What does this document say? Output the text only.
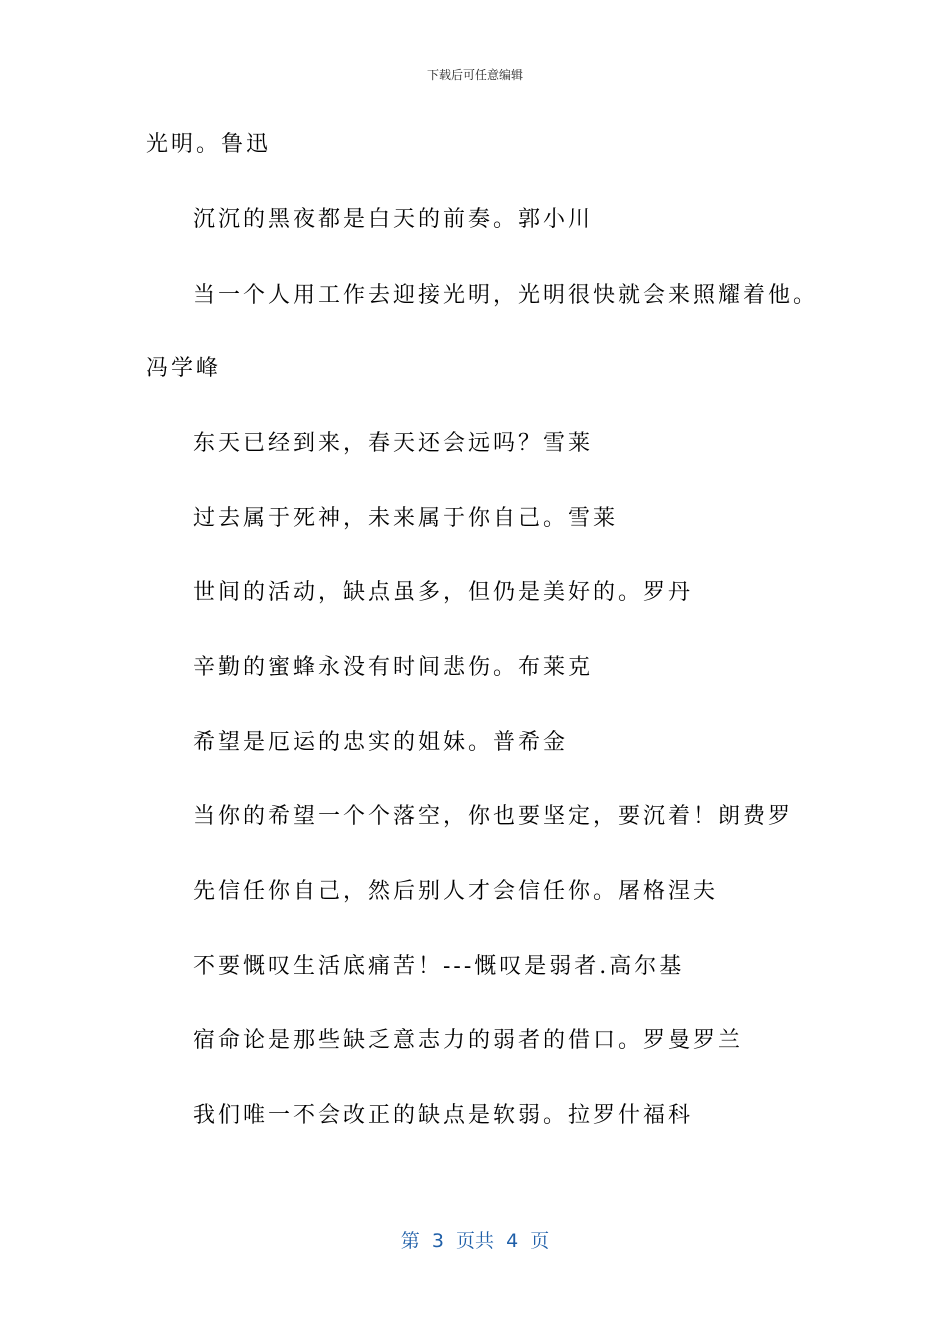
下载后可任意编辑
光明。鲁迅
沉沉的黑夜都是白天的前奏。郭小川
当一个人用工作去迎接光明，光明很快就会来照耀着他。
冯学峰
东天已经到来，春天还会远吗？雪莱
过去属于死神，未来属于你自己。雪莱
世间的活动，缺点虽多，但仍是美好的。罗丹
辛勤的蜜蜂永没有时间悲伤。布莱克
希望是厄运的忠实的姐妹。普希金
当你的希望一个个落空，你也要坚定，要沉着！朗费罗
先信任你自己，然后别人才会信任你。屠格涅夫
不要慨叹生活底痛苦！---慨叹是弱者.高尔基
宿命论是那些缺乏意志力的弱者的借口。罗曼罗兰
我们唯一不会改正的缺点是软弱。拉罗什福科
第  3  页共  4  页
